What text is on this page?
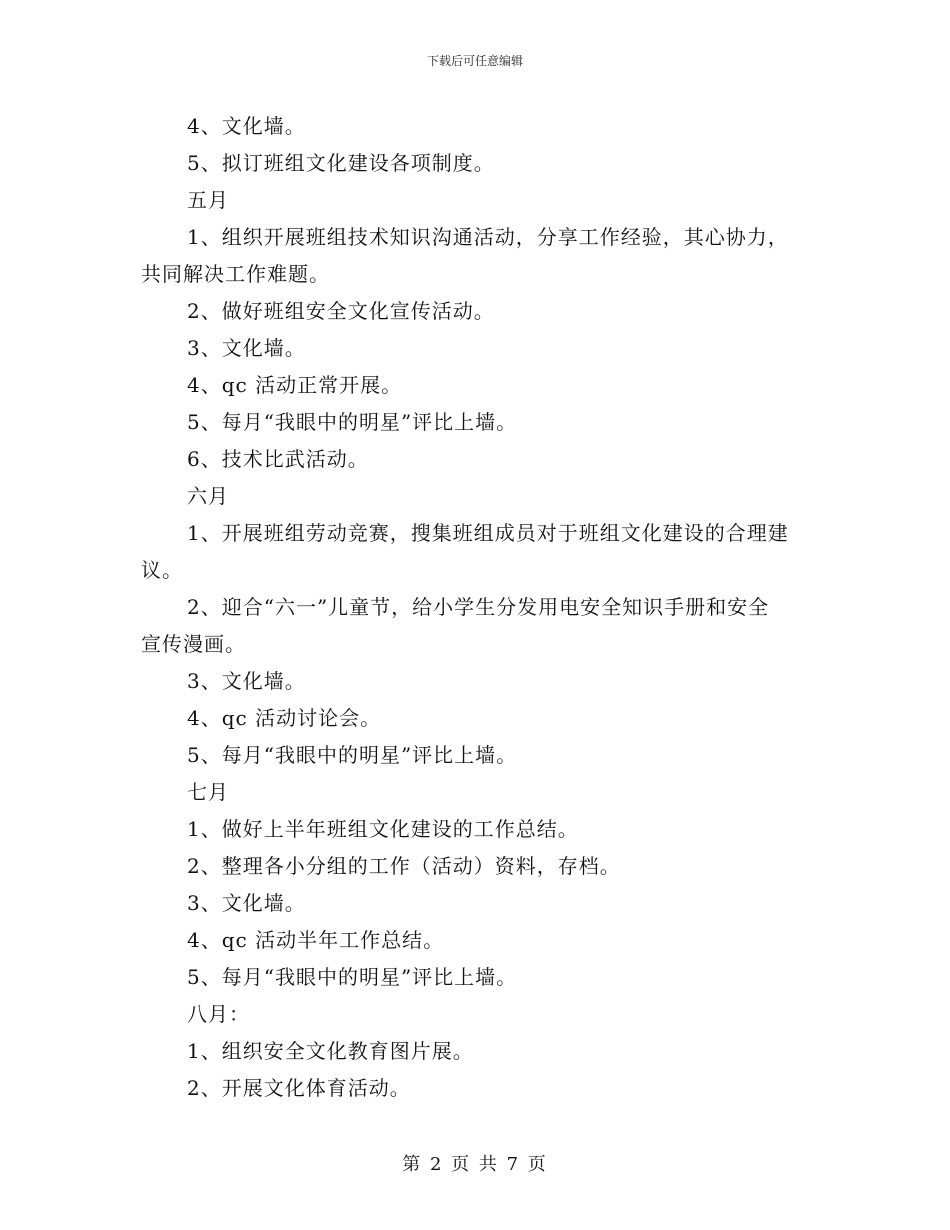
下载后可任意编辑
4、文化墙。
5、拟订班组文化建设各项制度。
五月
1、组织开展班组技术知识沟通活动，分享工作经验，其心协力，
共同解决工作难题。
2、做好班组安全文化宣传活动。
3、文化墙。
4、qc 活动正常开展。
5、每月“我眼中的明星”评比上墙。
6、技术比武活动。
六月
1、开展班组劳动竞赛，搜集班组成员对于班组文化建设的合理建
议。
2、迎合“六一”儿童节，给小学生分发用电安全知识手册和安全
宣传漫画。
3、文化墙。
4、qc 活动讨论会。
5、每月“我眼中的明星”评比上墙。
七月
1、做好上半年班组文化建设的工作总结。
2、整理各小分组的工作（活动）资料，存档。
3、文化墙。
4、qc 活动半年工作总结。
5、每月“我眼中的明星”评比上墙。
八月：
1、组织安全文化教育图片展。
2、开展文化体育活动。
第 2 页 共 7 页
